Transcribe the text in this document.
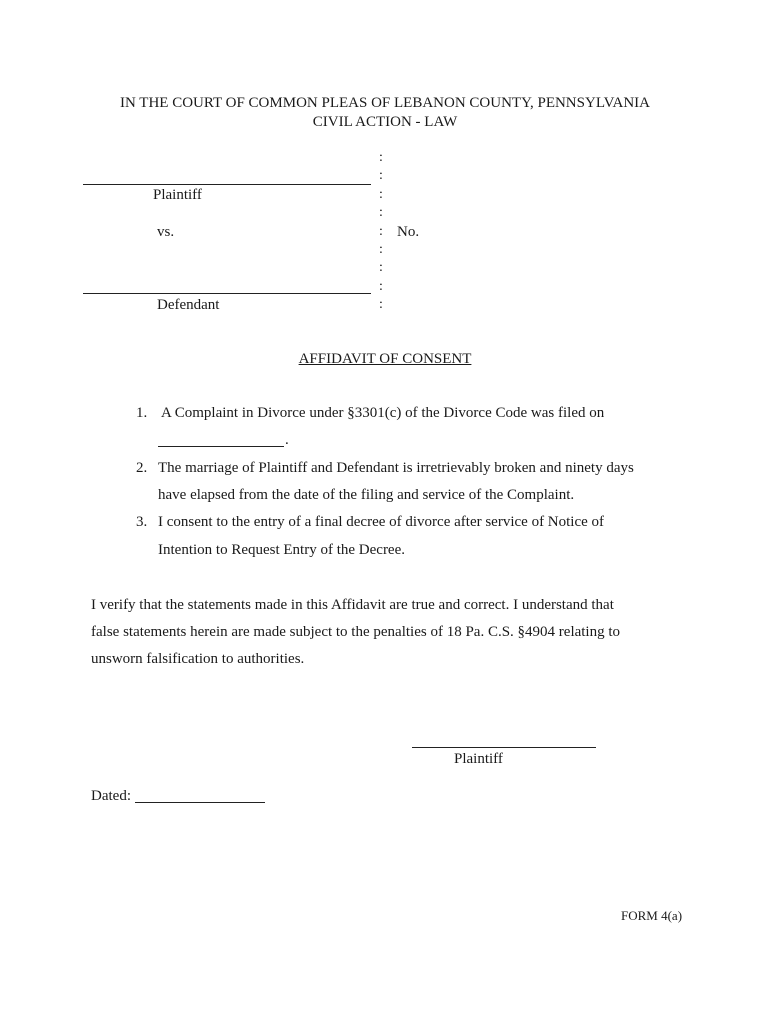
IN THE COURT OF COMMON PLEAS OF LEBANON COUNTY, PENNSYLVANIA
CIVIL ACTION - LAW
Plaintiff
vs.
Defendant
:
:
:
:
:
:
:
:
:
No.
AFFIDAVIT OF CONSENT
1. A Complaint in Divorce under §3301(c) of the Divorce Code was filed on
.
2. The marriage of Plaintiff and Defendant is irretrievably broken and ninety days
have elapsed from the date of the filing and service of the Complaint.
3. I consent to the entry of a final decree of divorce after service of Notice of
Intention to Request Entry of the Decree.
I verify that the statements made in this Affidavit are true and correct. I understand that
false statements herein are made subject to the penalties of 18 Pa. C.S. §4904 relating to
unsworn falsification to authorities.
Plaintiff
Dated:
FORM 4(a)
